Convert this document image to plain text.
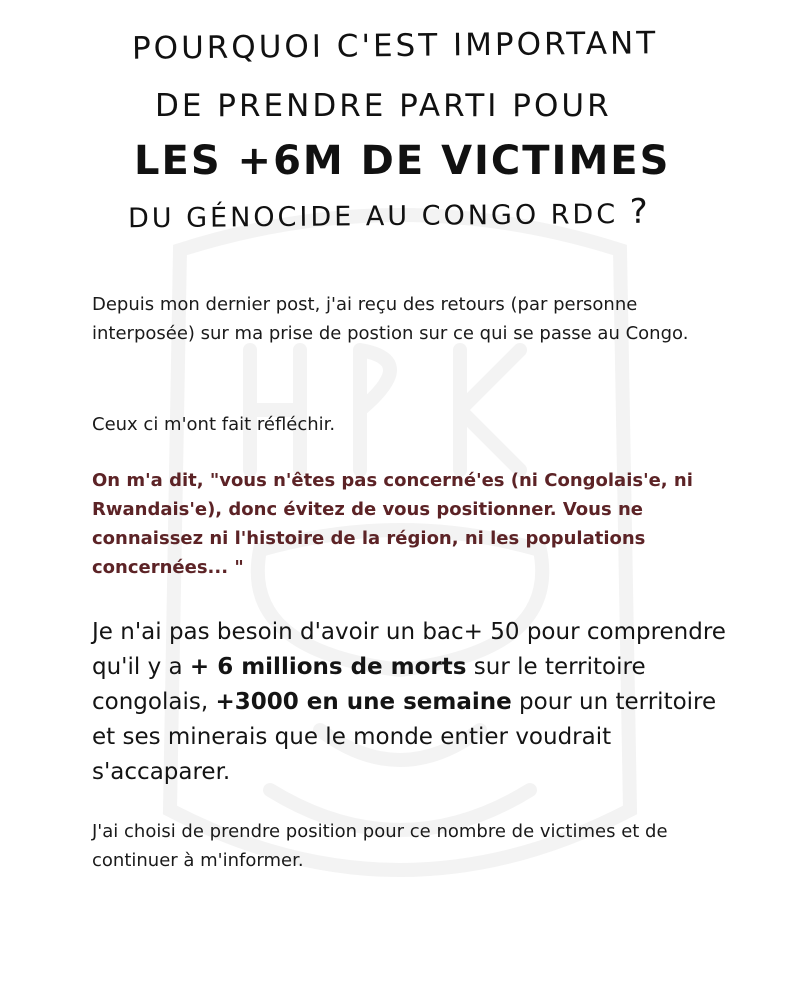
POURQUOI C'EST IMPORTANT
DE PRENDRE PARTI POUR
LES +6M DE VICTIMES
DU GÉNOCIDE AU CONGO RDC ?

Depuis mon dernier post, j'ai reçu des retours (par personne interposée) sur ma prise de postion sur ce qui se passe au Congo.

Ceux ci m'ont fait réfléchir.

On m'a dit, "vous n'êtes pas concerné'es (ni Congolais'e, ni Rwandais'e), donc évitez de vous positionner. Vous ne connaissez ni l'histoire de la région, ni les populations concernées... "

Je n'ai pas besoin d'avoir un bac+ 50 pour comprendre qu'il y a + 6 millions de morts sur le territoire congolais, +3000 en une semaine pour un territoire et ses minerais que le monde entier voudrait s'accaparer.

J'ai choisi de prendre position pour ce nombre de victimes et de continuer à m'informer.
